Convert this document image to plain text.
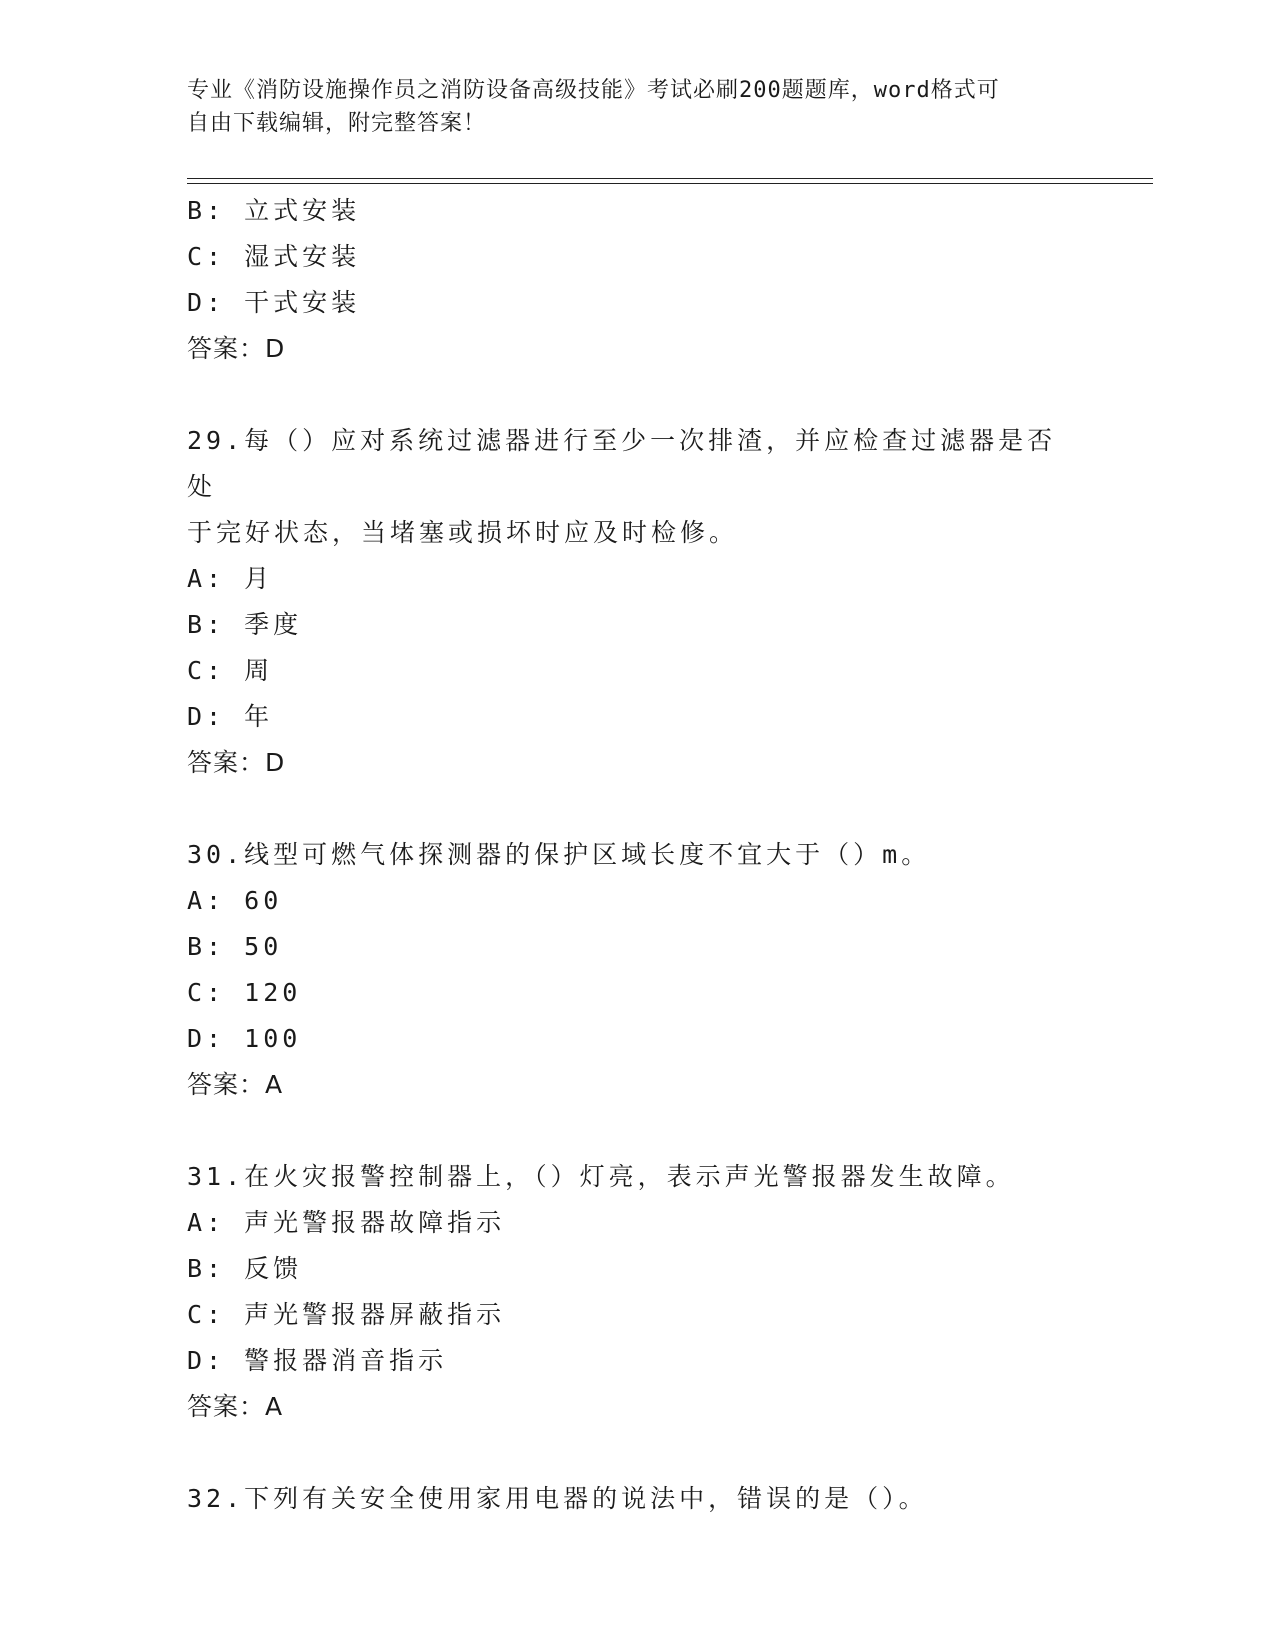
专业《消防设施操作员之消防设备高级技能》考试必刷200题题库，word格式可
自由下载编辑，附完整答案！
B: 立式安装
C: 湿式安装
D: 干式安装
答案：D
29.每（）应对系统过滤器进行至少一次排渣，并应检查过滤器是否处
于完好状态，当堵塞或损坏时应及时检修。
A: 月
B: 季度
C: 周
D: 年
答案：D
30.线型可燃气体探测器的保护区域长度不宜大于（）m。
A: 60
B: 50
C: 120
D: 100
答案：A
31.在火灾报警控制器上，（）灯亮，表示声光警报器发生故障。
A: 声光警报器故障指示
B: 反馈
C: 声光警报器屏蔽指示
D: 警报器消音指示
答案：A
32.下列有关安全使用家用电器的说法中，错误的是（）。
